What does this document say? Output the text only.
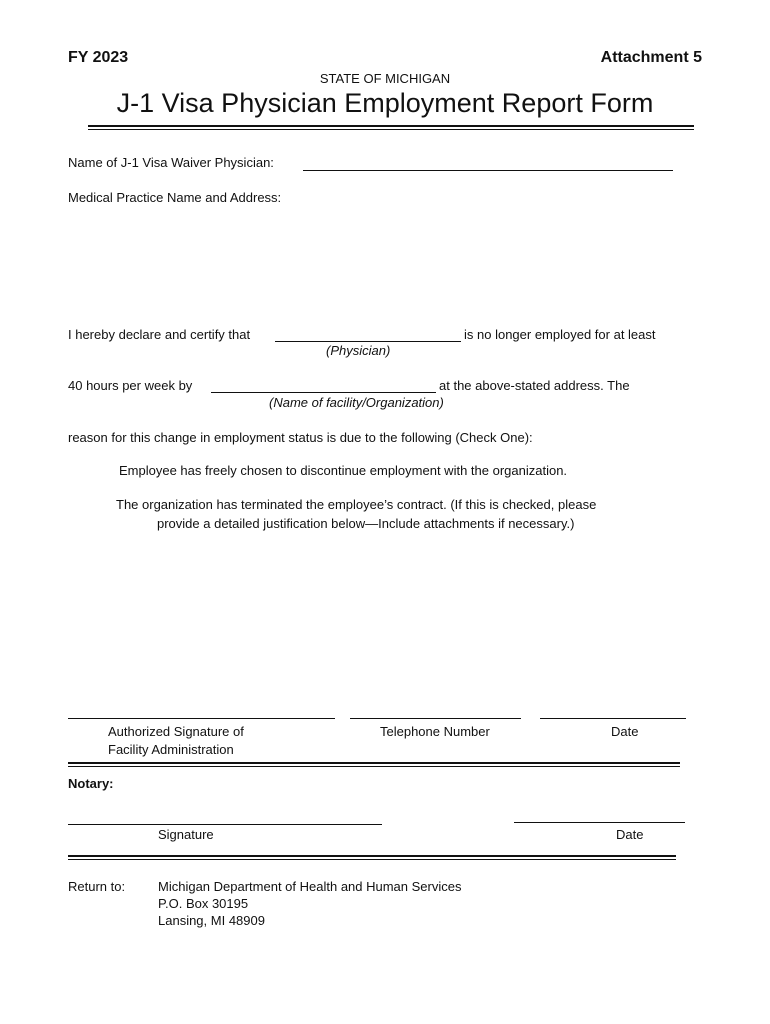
FY 2023	Attachment 5
STATE OF MICHIGAN
J-1 Visa Physician Employment Report Form
Name of J-1 Visa Waiver Physician:
Medical Practice Name and Address:
I hereby declare and certify that	is no longer employed for at least
(Physician)
40 hours per week by	at the above-stated address. The
(Name of facility/Organization)
reason for this change in employment status is due to the following (Check One):
Employee has freely chosen to discontinue employment with the organization.
The organization has terminated the employee’s contract. (If this is checked, please
provide a detailed justification below—Include attachments if necessary.)
Authorized Signature of
Facility Administration
Telephone Number	Date
Notary:
Signature	Date
Return to:	Michigan Department of Health and Human Services
P.O. Box 30195
Lansing, MI 48909
